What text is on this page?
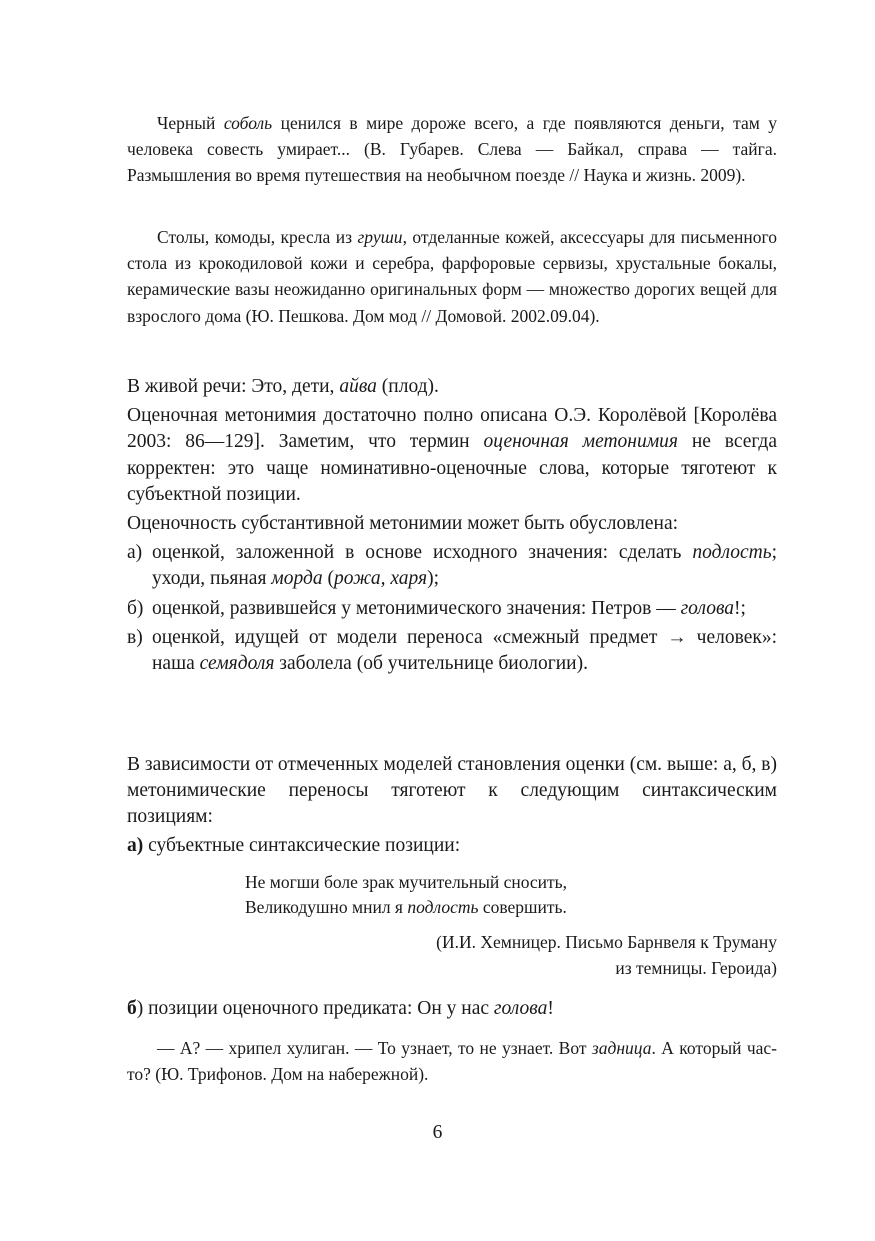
Черный соболь ценился в мире дороже всего, а где появляются деньги, там у человека совесть умирает... (В. Губарев. Слева — Байкал, справа — тайга. Размышления во время путешествия на необычном поезде // Наука и жизнь. 2009).

Столы, комоды, кресла из груши, отделанные кожей, аксессуары для письменного стола из крокодиловой кожи и серебра, фарфоровые сервизы, хрустальные бокалы, керамические вазы неожиданно оригинальных форм — множество дорогих вещей для взрослого дома (Ю. Пешкова. Дом мод // Домовой. 2002.09.04).

В живой речи: Это, дети, айва (плод).

Оценочная метонимия достаточно полно описана О.Э. Королёвой [Королёва 2003: 86—129]. Заметим, что термин оценочная метонимия не всегда корректен: это чаще номинативно-оценочные слова, которые тяготеют к субъектной позиции.

Оценочность субстантивной метонимии может быть обусловлена:

а) оценкой, заложенной в основе исходного значения: сделать подлость; уходи, пьяная морда (рожа, харя);

б) оценкой, развившейся у метонимического значения: Петров — голова!;

в) оценкой, идущей от модели переноса «смежный предмет → человек»: наша семядоля заболела (об учительнице биологии).

В зависимости от отмеченных моделей становления оценки (см. выше: а, б, в) метонимические переносы тяготеют к следующим синтаксическим позициям:

а) субъектные синтаксические позиции:

Не могши боле зрак мучительный сносить,
Великодушно мнил я подлость совершить.
(И.И. Хемницер. Письмо Барнвеля к Труману
из темницы. Героида)

б) позиции оценочного предиката: Он у нас голова!

— А? — хрипел хулиган. — То узнает, то не узнает. Вот задница. А который час-то? (Ю. Трифонов. Дом на набережной).

6
